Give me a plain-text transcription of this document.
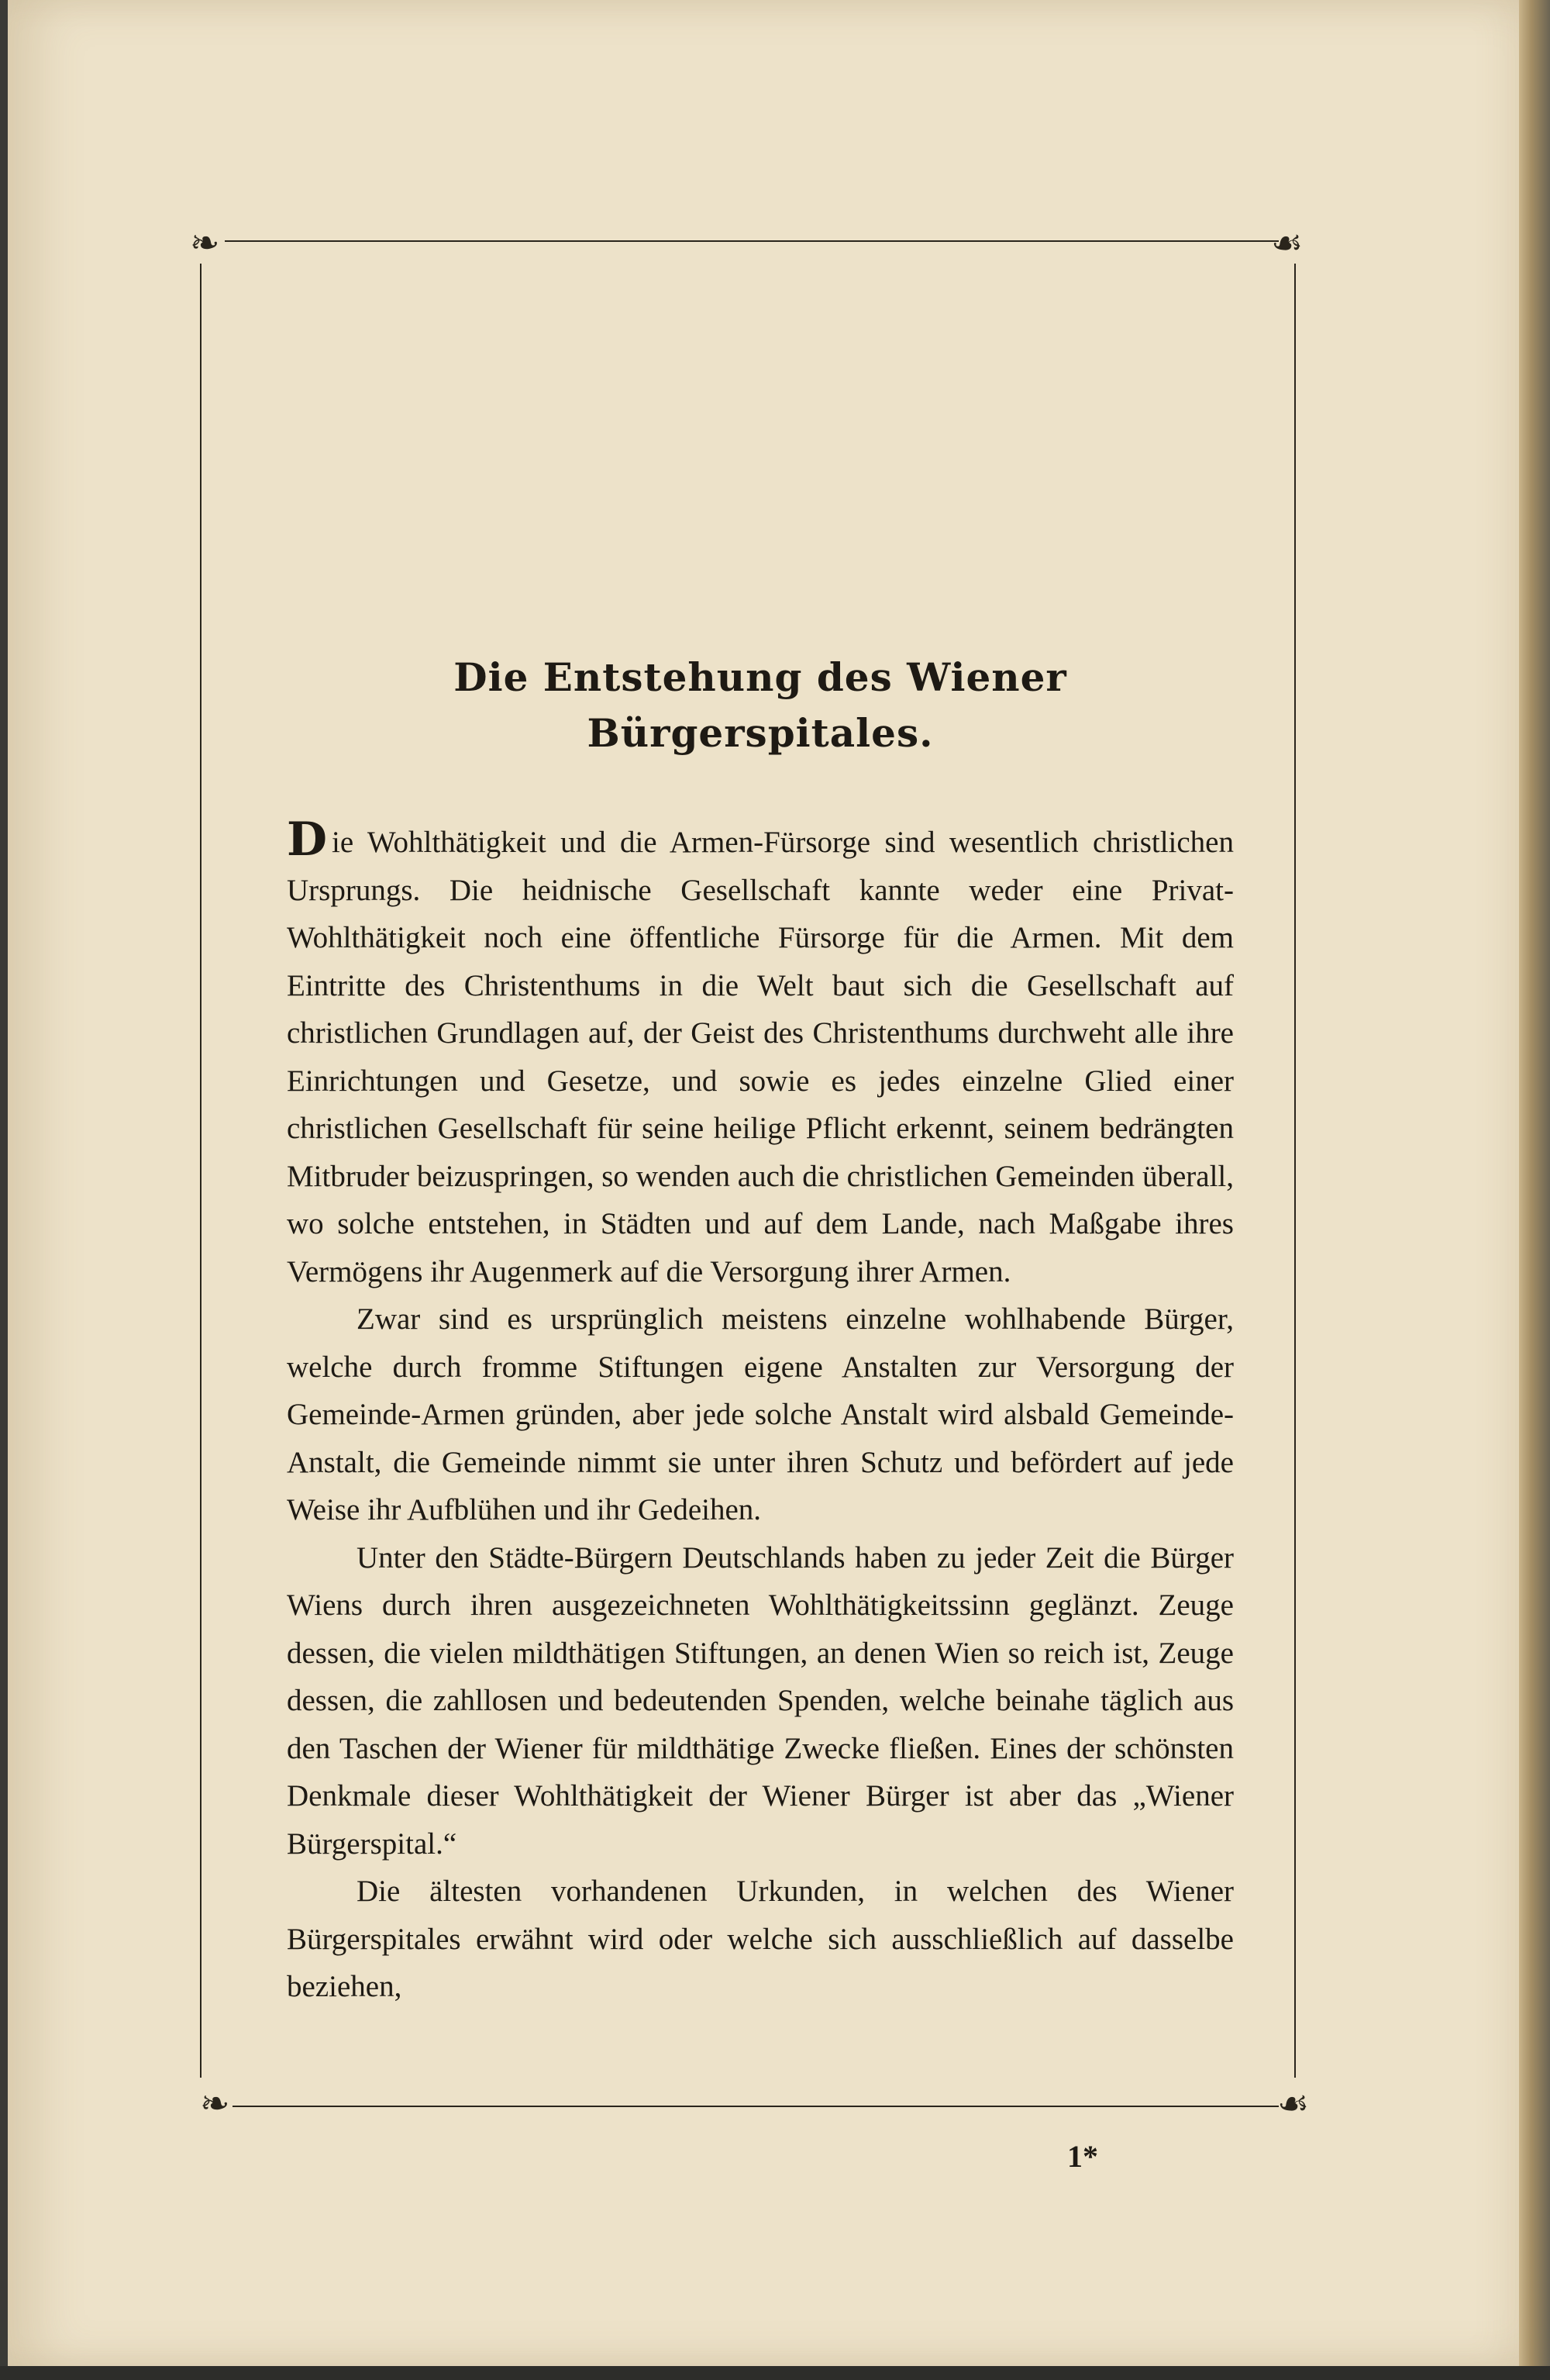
❧	☙
❧	☙
Die Entstehung des Wiener Bürgerspitales.

Die Wohlthätigkeit und die Armen-Fürsorge sind wesentlich christlichen Ursprungs. Die heidnische Gesellschaft kannte weder eine Privat-Wohlthätigkeit noch eine öffentliche Fürsorge für die Armen. Mit dem Eintritte des Christenthums in die Welt baut sich die Gesellschaft auf christlichen Grundlagen auf, der Geist des Christenthums durchweht alle ihre Einrichtungen und Gesetze, und sowie es jedes einzelne Glied einer christlichen Gesellschaft für seine heilige Pflicht erkennt, seinem bedrängten Mitbruder beizuspringen, so wenden auch die christlichen Gemeinden überall, wo solche entstehen, in Städten und auf dem Lande, nach Maßgabe ihres Vermögens ihr Augenmerk auf die Versorgung ihrer Armen.

Zwar sind es ursprünglich meistens einzelne wohlhabende Bürger, welche durch fromme Stiftungen eigene Anstalten zur Versorgung der Gemeinde-Armen gründen, aber jede solche Anstalt wird alsbald Gemeinde-Anstalt, die Gemeinde nimmt sie unter ihren Schutz und befördert auf jede Weise ihr Aufblühen und ihr Gedeihen.

Unter den Städte-Bürgern Deutschlands haben zu jeder Zeit die Bürger Wiens durch ihren ausgezeichneten Wohlthätigkeitssinn geglänzt. Zeuge dessen, die vielen mildthätigen Stiftungen, an denen Wien so reich ist, Zeuge dessen, die zahllosen und bedeutenden Spenden, welche beinahe täglich aus den Taschen der Wiener für mildthätige Zwecke fließen. Eines der schönsten Denkmale dieser Wohlthätigkeit der Wiener Bürger ist aber das „Wiener Bürgerspital.“

Die ältesten vorhandenen Urkunden, in welchen des Wiener Bürgerspitales erwähnt wird oder welche sich ausschließlich auf dasselbe beziehen,

1*
